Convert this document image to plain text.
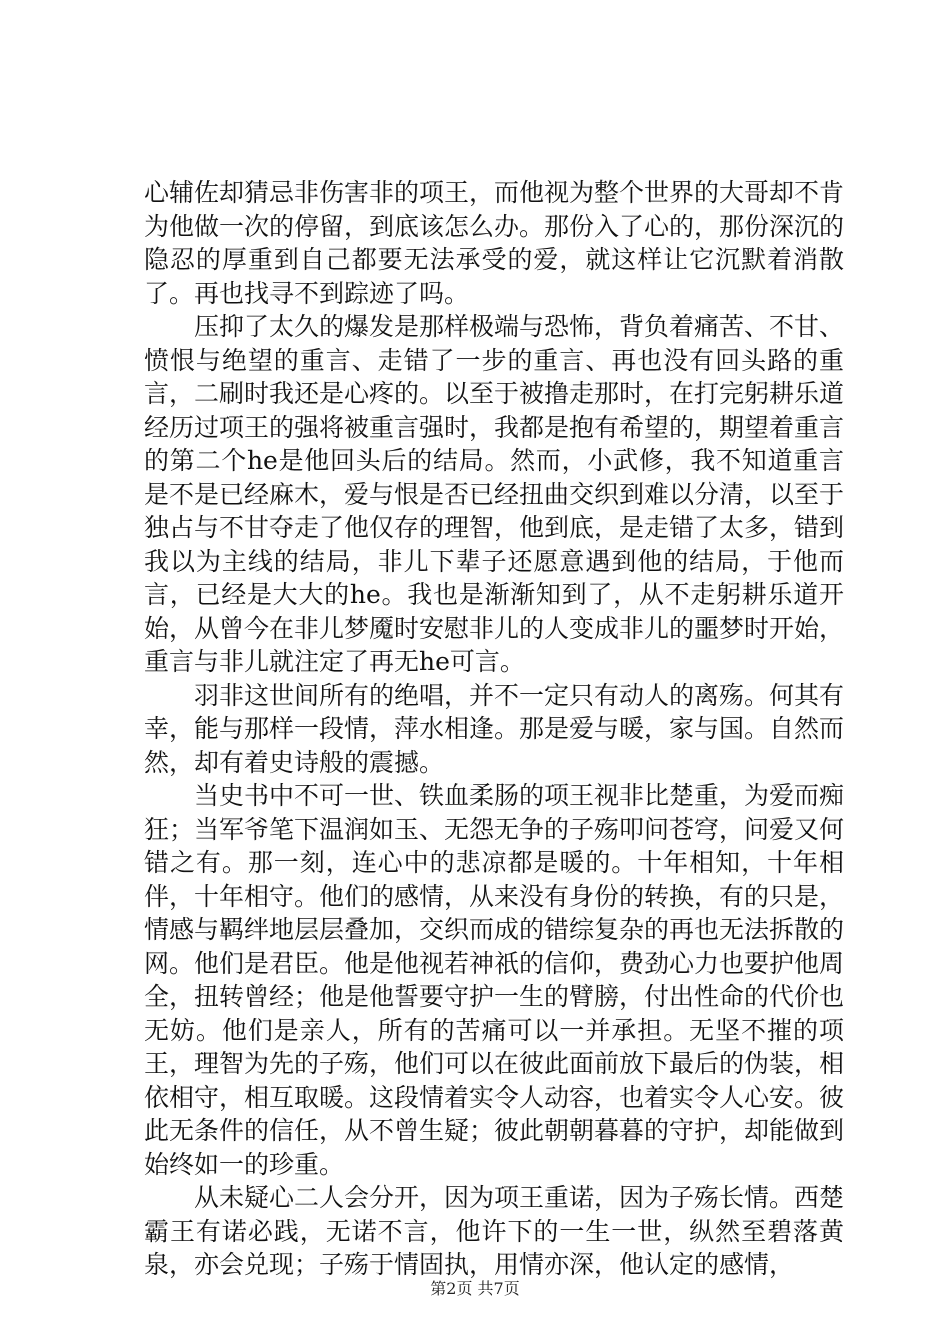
心辅佐却猜忌非伤害非的项王，而他视为整个世界的大哥却不肯为他做一次的停留，到底该怎么办。那份入了心的，那份深沉的隐忍的厚重到自己都要无法承受的爱，就这样让它沉默着消散了。再也找寻不到踪迹了吗。

压抑了太久的爆发是那样极端与恐怖，背负着痛苦、不甘、愤恨与绝望的重言、走错了一步的重言、再也没有回头路的重言，二刷时我还是心疼的。以至于被撸走那时，在打完躬耕乐道经历过项王的强将被重言强时，我都是抱有希望的，期望着重言的第二个he是他回头后的结局。然而，小武修，我不知道重言是不是已经麻木，爱与恨是否已经扭曲交织到难以分清，以至于独占与不甘夺走了他仅存的理智，他到底，是走错了太多，错到我以为主线的结局，非儿下辈子还愿意遇到他的结局，于他而言，已经是大大的he。我也是渐渐知到了，从不走躬耕乐道开始，从曾今在非儿梦魇时安慰非儿的人变成非儿的噩梦时开始，重言与非儿就注定了再无he可言。

羽非这世间所有的绝唱，并不一定只有动人的离殇。何其有幸，能与那样一段情，萍水相逢。那是爱与暖，家与国。自然而然，却有着史诗般的震撼。

当史书中不可一世、铁血柔肠的项王视非比楚重，为爱而痴狂；当军爷笔下温润如玉、无怨无争的子殇叩问苍穹，问爱又何错之有。那一刻，连心中的悲凉都是暖的。十年相知，十年相伴，十年相守。他们的感情，从来没有身份的转换，有的只是，情感与羁绊地层层叠加，交织而成的错综复杂的再也无法拆散的网。他们是君臣。他是他视若神祇的信仰，费劲心力也要护他周全，扭转曾经；他是他誓要守护一生的臂膀，付出性命的代价也无妨。他们是亲人，所有的苦痛可以一并承担。无坚不摧的项王，理智为先的子殇，他们可以在彼此面前放下最后的伪装，相依相守，相互取暖。这段情着实令人动容，也着实令人心安。彼此无条件的信任，从不曾生疑；彼此朝朝暮暮的守护，却能做到始终如一的珍重。

从未疑心二人会分开，因为项王重诺，因为子殇长情。西楚霸王有诺必践，无诺不言，他许下的一生一世，纵然至碧落黄泉，亦会兑现；子殇于情固执，用情亦深，他认定的感情，

第2页 共7页
